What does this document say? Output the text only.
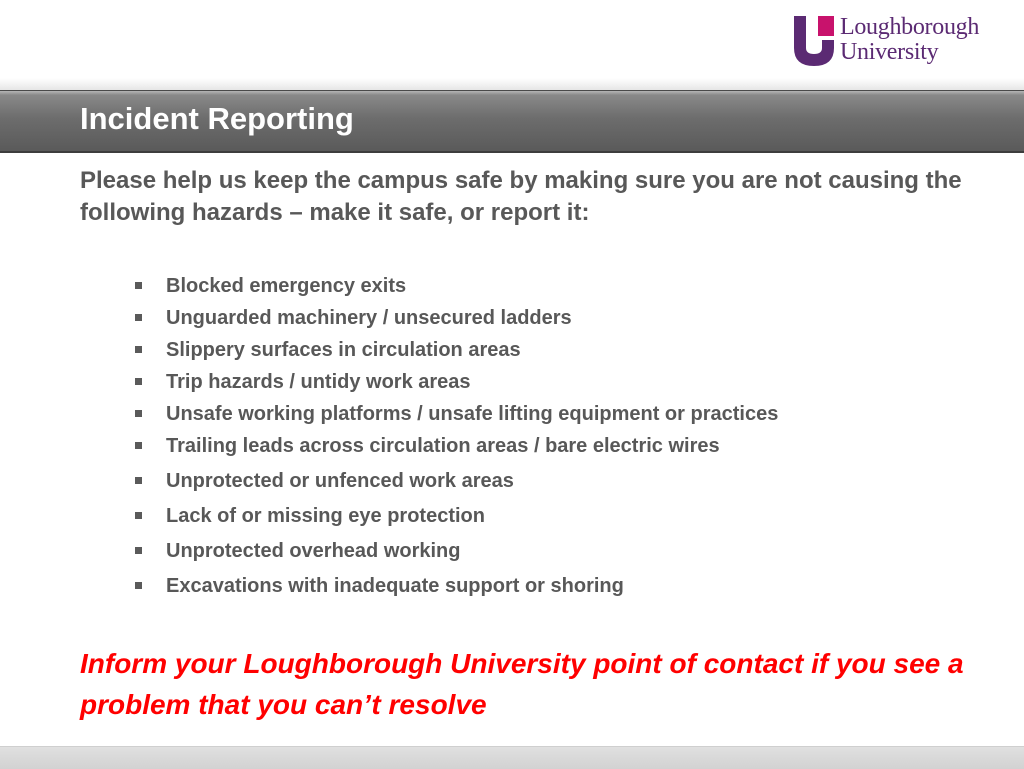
Loughborough
University
Incident Reporting

Please help us keep the campus safe by making sure you are not causing the following hazards – make it safe, or report it:

Blocked emergency exits
Unguarded machinery / unsecured ladders
Slippery surfaces in circulation areas
Trip hazards / untidy work areas
Unsafe working platforms / unsafe lifting equipment or practices
Trailing leads across circulation areas / bare electric wires
Unprotected or unfenced work areas
Lack of or missing eye protection
Unprotected overhead working
Excavations with inadequate support or shoring

Inform your Loughborough University point of contact if you see a problem that you can’t resolve
